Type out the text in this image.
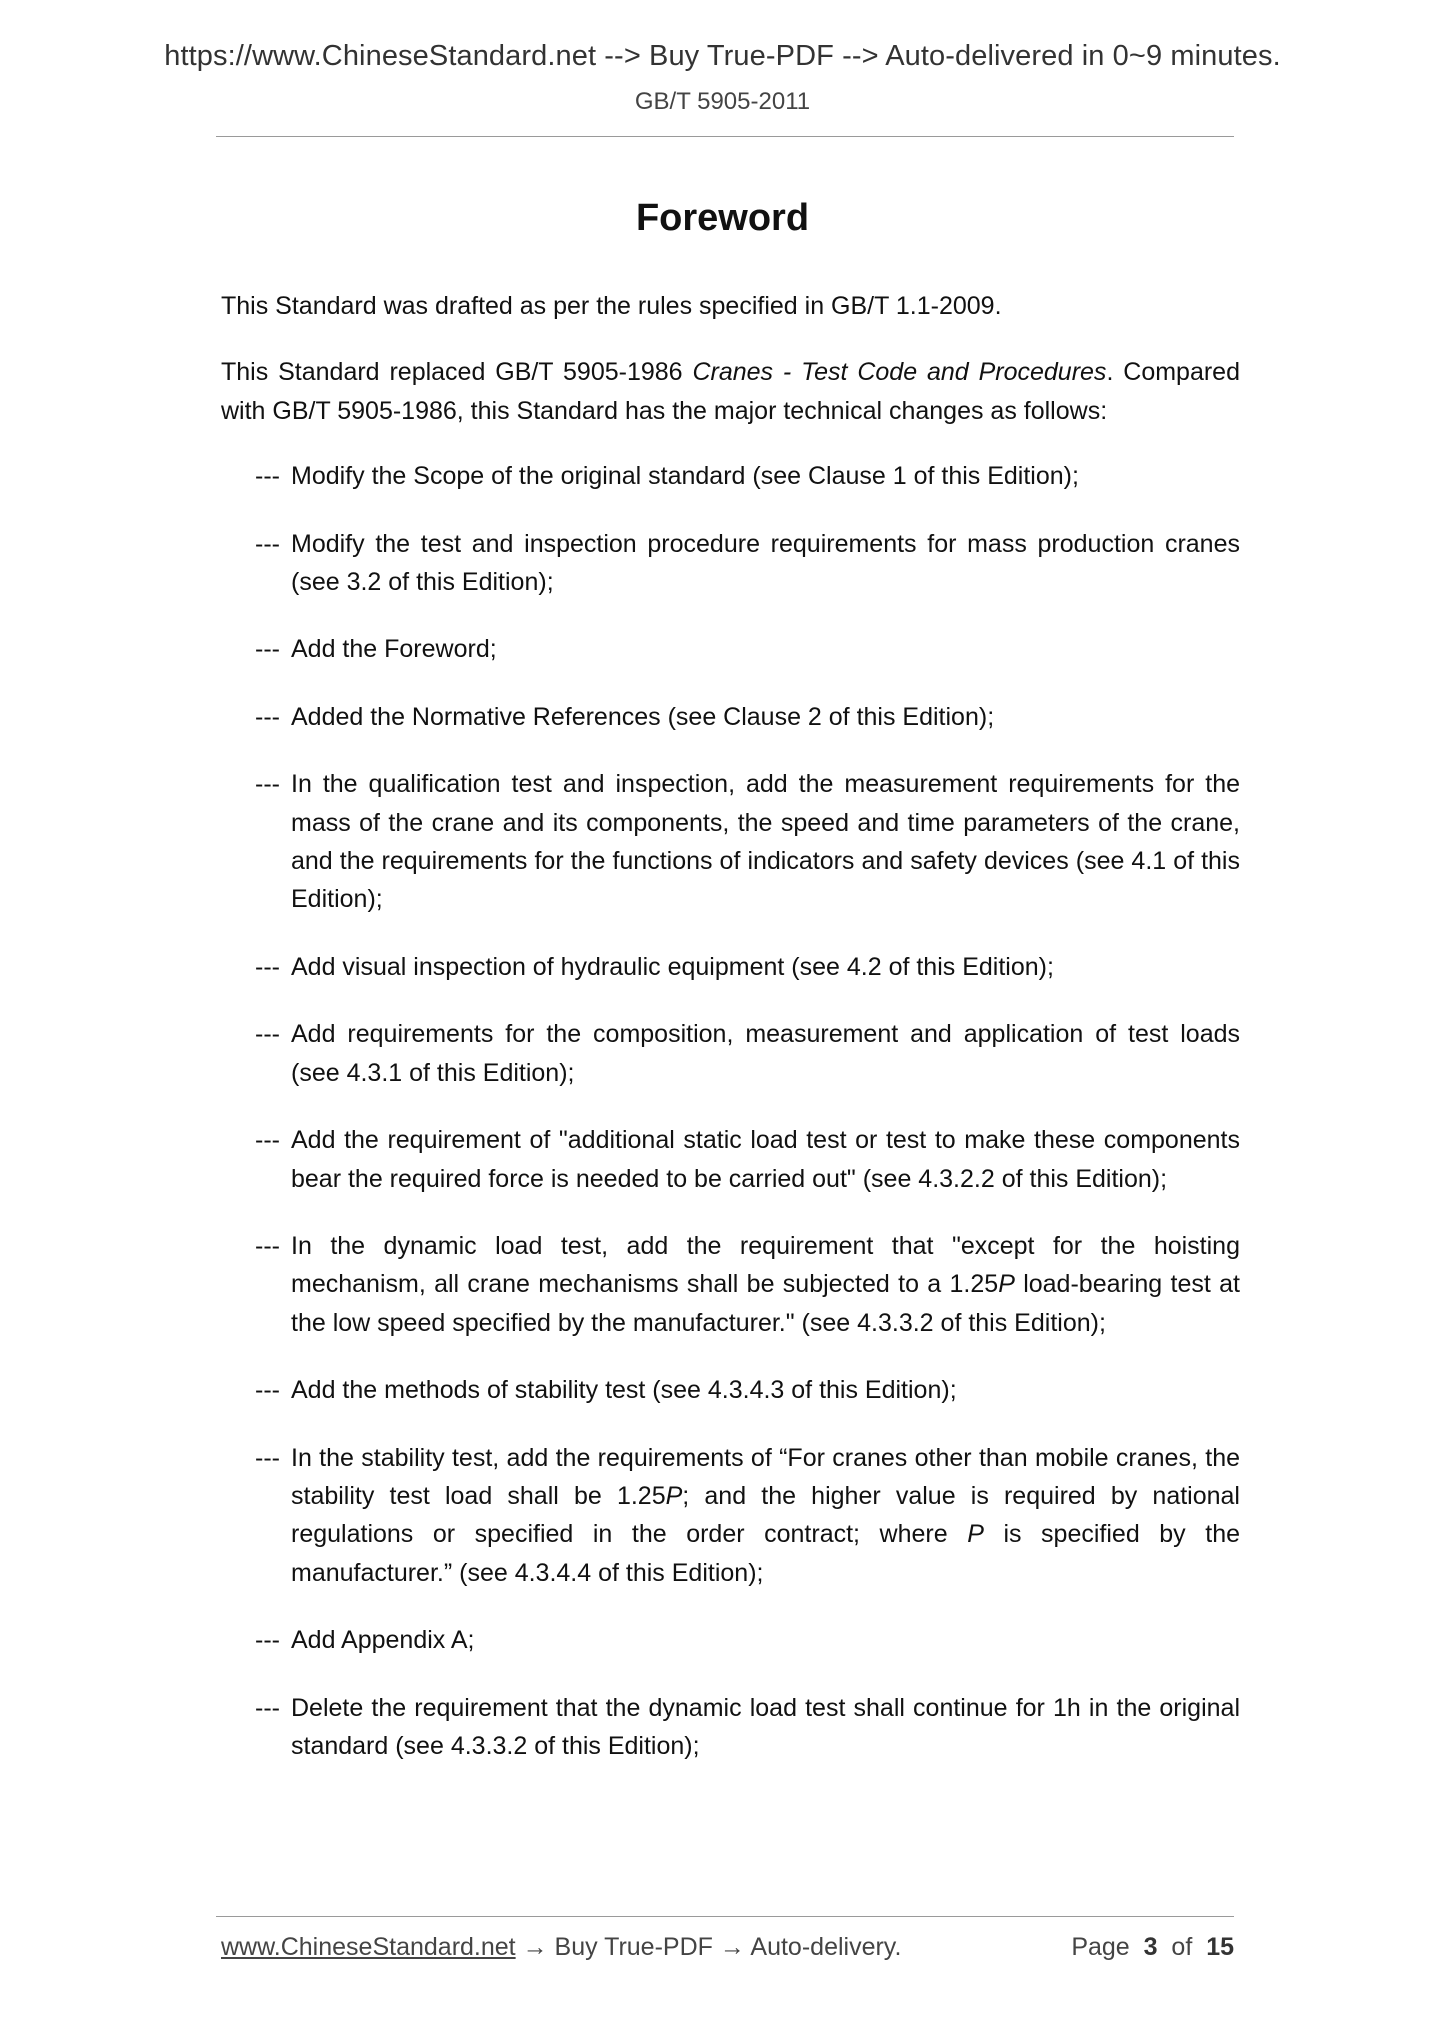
https://www.ChineseStandard.net --> Buy True-PDF --> Auto-delivered in 0~9 minutes.
GB/T 5905-2011
Foreword

This Standard was drafted as per the rules specified in GB/T 1.1-2009.

This Standard replaced GB/T 5905-1986 Cranes - Test Code and Procedures. Compared with GB/T 5905-1986, this Standard has the major technical changes as follows:

--- Modify the Scope of the original standard (see Clause 1 of this Edition);
--- Modify the test and inspection procedure requirements for mass production cranes (see 3.2 of this Edition);
--- Add the Foreword;
--- Added the Normative References (see Clause 2 of this Edition);
--- In the qualification test and inspection, add the measurement requirements for the mass of the crane and its components, the speed and time parameters of the crane, and the requirements for the functions of indicators and safety devices (see 4.1 of this Edition);
--- Add visual inspection of hydraulic equipment (see 4.2 of this Edition);
--- Add requirements for the composition, measurement and application of test loads (see 4.3.1 of this Edition);
--- Add the requirement of "additional static load test or test to make these components bear the required force is needed to be carried out" (see 4.3.2.2 of this Edition);
--- In the dynamic load test, add the requirement that "except for the hoisting mechanism, all crane mechanisms shall be subjected to a 1.25P load-bearing test at the low speed specified by the manufacturer." (see 4.3.3.2 of this Edition);
--- Add the methods of stability test (see 4.3.4.3 of this Edition);
--- In the stability test, add the requirements of “For cranes other than mobile cranes, the stability test load shall be 1.25P; and the higher value is required by national regulations or specified in the order contract; where P is specified by the manufacturer.” (see 4.3.4.4 of this Edition);
--- Add Appendix A;
--- Delete the requirement that the dynamic load test shall continue for 1h in the original standard (see 4.3.3.2 of this Edition);
www.ChineseStandard.net → Buy True-PDF → Auto-delivery.	Page 3 of 15
